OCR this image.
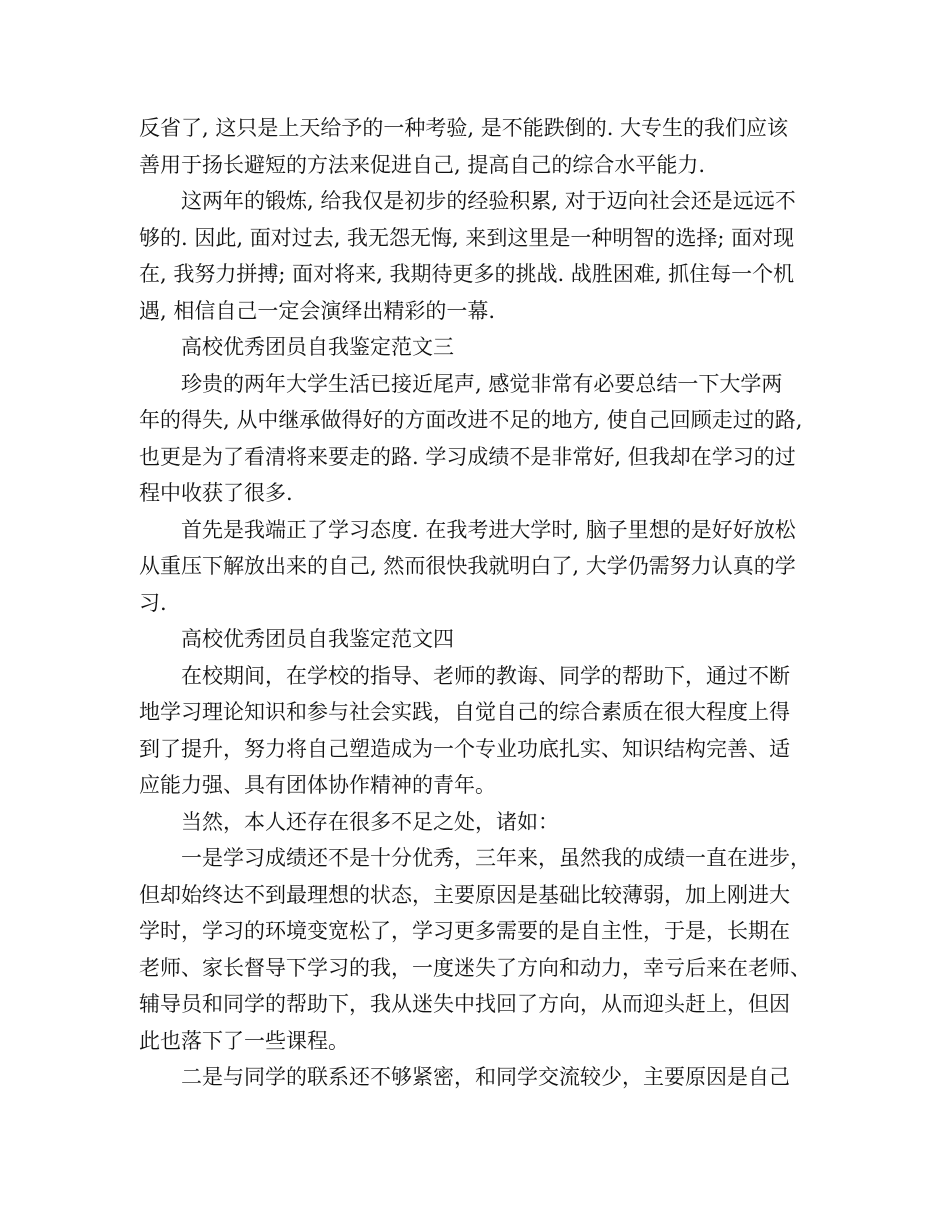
反省了, 这只是上天给予的一种考验, 是不能跌倒的. 大专生的我们应该
善用于扬长避短的方法来促进自己, 提高自己的综合水平能力.
这两年的锻炼, 给我仅是初步的经验积累, 对于迈向社会还是远远不
够的. 因此, 面对过去, 我无怨无悔, 来到这里是一种明智的选择; 面对现
在, 我努力拼搏; 面对将来, 我期待更多的挑战. 战胜困难, 抓住每一个机
遇, 相信自己一定会演绎出精彩的一幕.
高校优秀团员自我鉴定范文三
珍贵的两年大学生活已接近尾声, 感觉非常有必要总结一下大学两
年的得失, 从中继承做得好的方面改进不足的地方, 使自己回顾走过的路,
也更是为了看清将来要走的路. 学习成绩不是非常好, 但我却在学习的过
程中收获了很多.
首先是我端正了学习态度. 在我考进大学时, 脑子里想的是好好放松
从重压下解放出来的自己, 然而很快我就明白了, 大学仍需努力认真的学
习.
高校优秀团员自我鉴定范文四
在校期间，在学校的指导、老师的教诲、同学的帮助下，通过不断
地学习理论知识和参与社会实践，自觉自己的综合素质在很大程度上得
到了提升，努力将自己塑造成为一个专业功底扎实、知识结构完善、适
应能力强、具有团体协作精神的青年。
当然，本人还存在很多不足之处，诸如：
一是学习成绩还不是十分优秀，三年来，虽然我的成绩一直在进步，
但却始终达不到最理想的状态，主要原因是基础比较薄弱，加上刚进大
学时，学习的环境变宽松了，学习更多需要的是自主性，于是，长期在
老师、家长督导下学习的我，一度迷失了方向和动力，幸亏后来在老师、
辅导员和同学的帮助下，我从迷失中找回了方向，从而迎头赶上，但因
此也落下了一些课程。
二是与同学的联系还不够紧密，和同学交流较少，主要原因是自己
